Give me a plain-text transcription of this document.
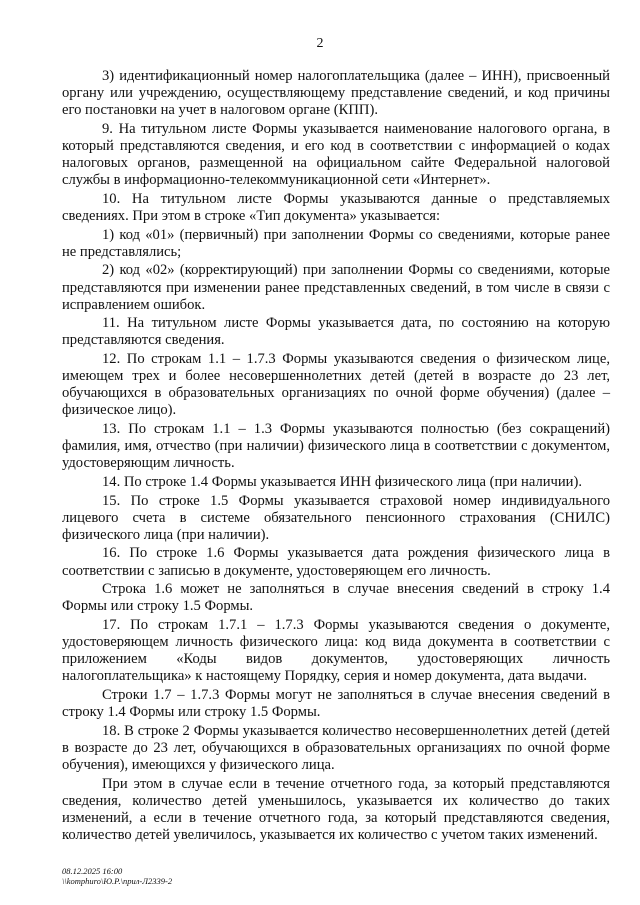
2

3) идентификационный номер налогоплательщика (далее – ИНН), присвоенный органу или учреждению, осуществляющему представление сведений, и код причины его постановки на учет в налоговом органе (КПП).

9. На титульном листе Формы указывается наименование налогового органа, в который представляются сведения, и его код в соответствии с информацией о кодах налоговых органов, размещенной на официальном сайте Федеральной налоговой службы в информационно-телекоммуникационной сети «Интернет».

10. На титульном листе Формы указываются данные о представляемых сведениях. При этом в строке «Тип документа» указывается:

1) код «01» (первичный) при заполнении Формы со сведениями, которые ранее не представлялись;

2) код «02» (корректирующий) при заполнении Формы со сведениями, которые представляются при изменении ранее представленных сведений, в том числе в связи с исправлением ошибок.

11. На титульном листе Формы указывается дата, по состоянию на которую представляются сведения.

12. По строкам 1.1 – 1.7.3 Формы указываются сведения о физическом лице, имеющем трех и более несовершеннолетних детей (детей в возрасте до 23 лет, обучающихся в образовательных организациях по очной форме обучения) (далее – физическое лицо).

13. По строкам 1.1 – 1.3 Формы указываются полностью (без сокращений) фамилия, имя, отчество (при наличии) физического лица в соответствии с документом, удостоверяющим личность.

14. По строке 1.4 Формы указывается ИНН физического лица (при наличии).

15. По строке 1.5 Формы указывается страховой номер индивидуального лицевого счета в системе обязательного пенсионного страхования (СНИЛС) физического лица (при наличии).

16. По строке 1.6 Формы указывается дата рождения физического лица в соответствии с записью в документе, удостоверяющем его личность.

Строка 1.6 может не заполняться в случае внесения сведений в строку 1.4 Формы или строку 1.5 Формы.

17. По строкам 1.7.1 – 1.7.3 Формы указываются сведения о документе, удостоверяющем личность физического лица: код вида документа в соответствии с приложением «Коды видов документов, удостоверяющих личность налогоплательщика» к настоящему Порядку, серия и номер документа, дата выдачи.

Строки 1.7 – 1.7.3 Формы могут не заполняться в случае внесения сведений в строку 1.4 Формы или строку 1.5 Формы.

18. В строке 2 Формы указывается количество несовершеннолетних детей (детей в возрасте до 23 лет, обучающихся в образовательных организациях по очной форме обучения), имеющихся у физического лица.

При этом в случае если в течение отчетного года, за который представляются сведения, количество детей уменьшилось, указывается их количество до таких изменений, а если в течение отчетного года, за который представляются сведения, количество детей увеличилось, указывается их количество с учетом таких изменений.

08.12.2025 16:00
\\komphuro\Ю.Р.\прил-Л2339-2
